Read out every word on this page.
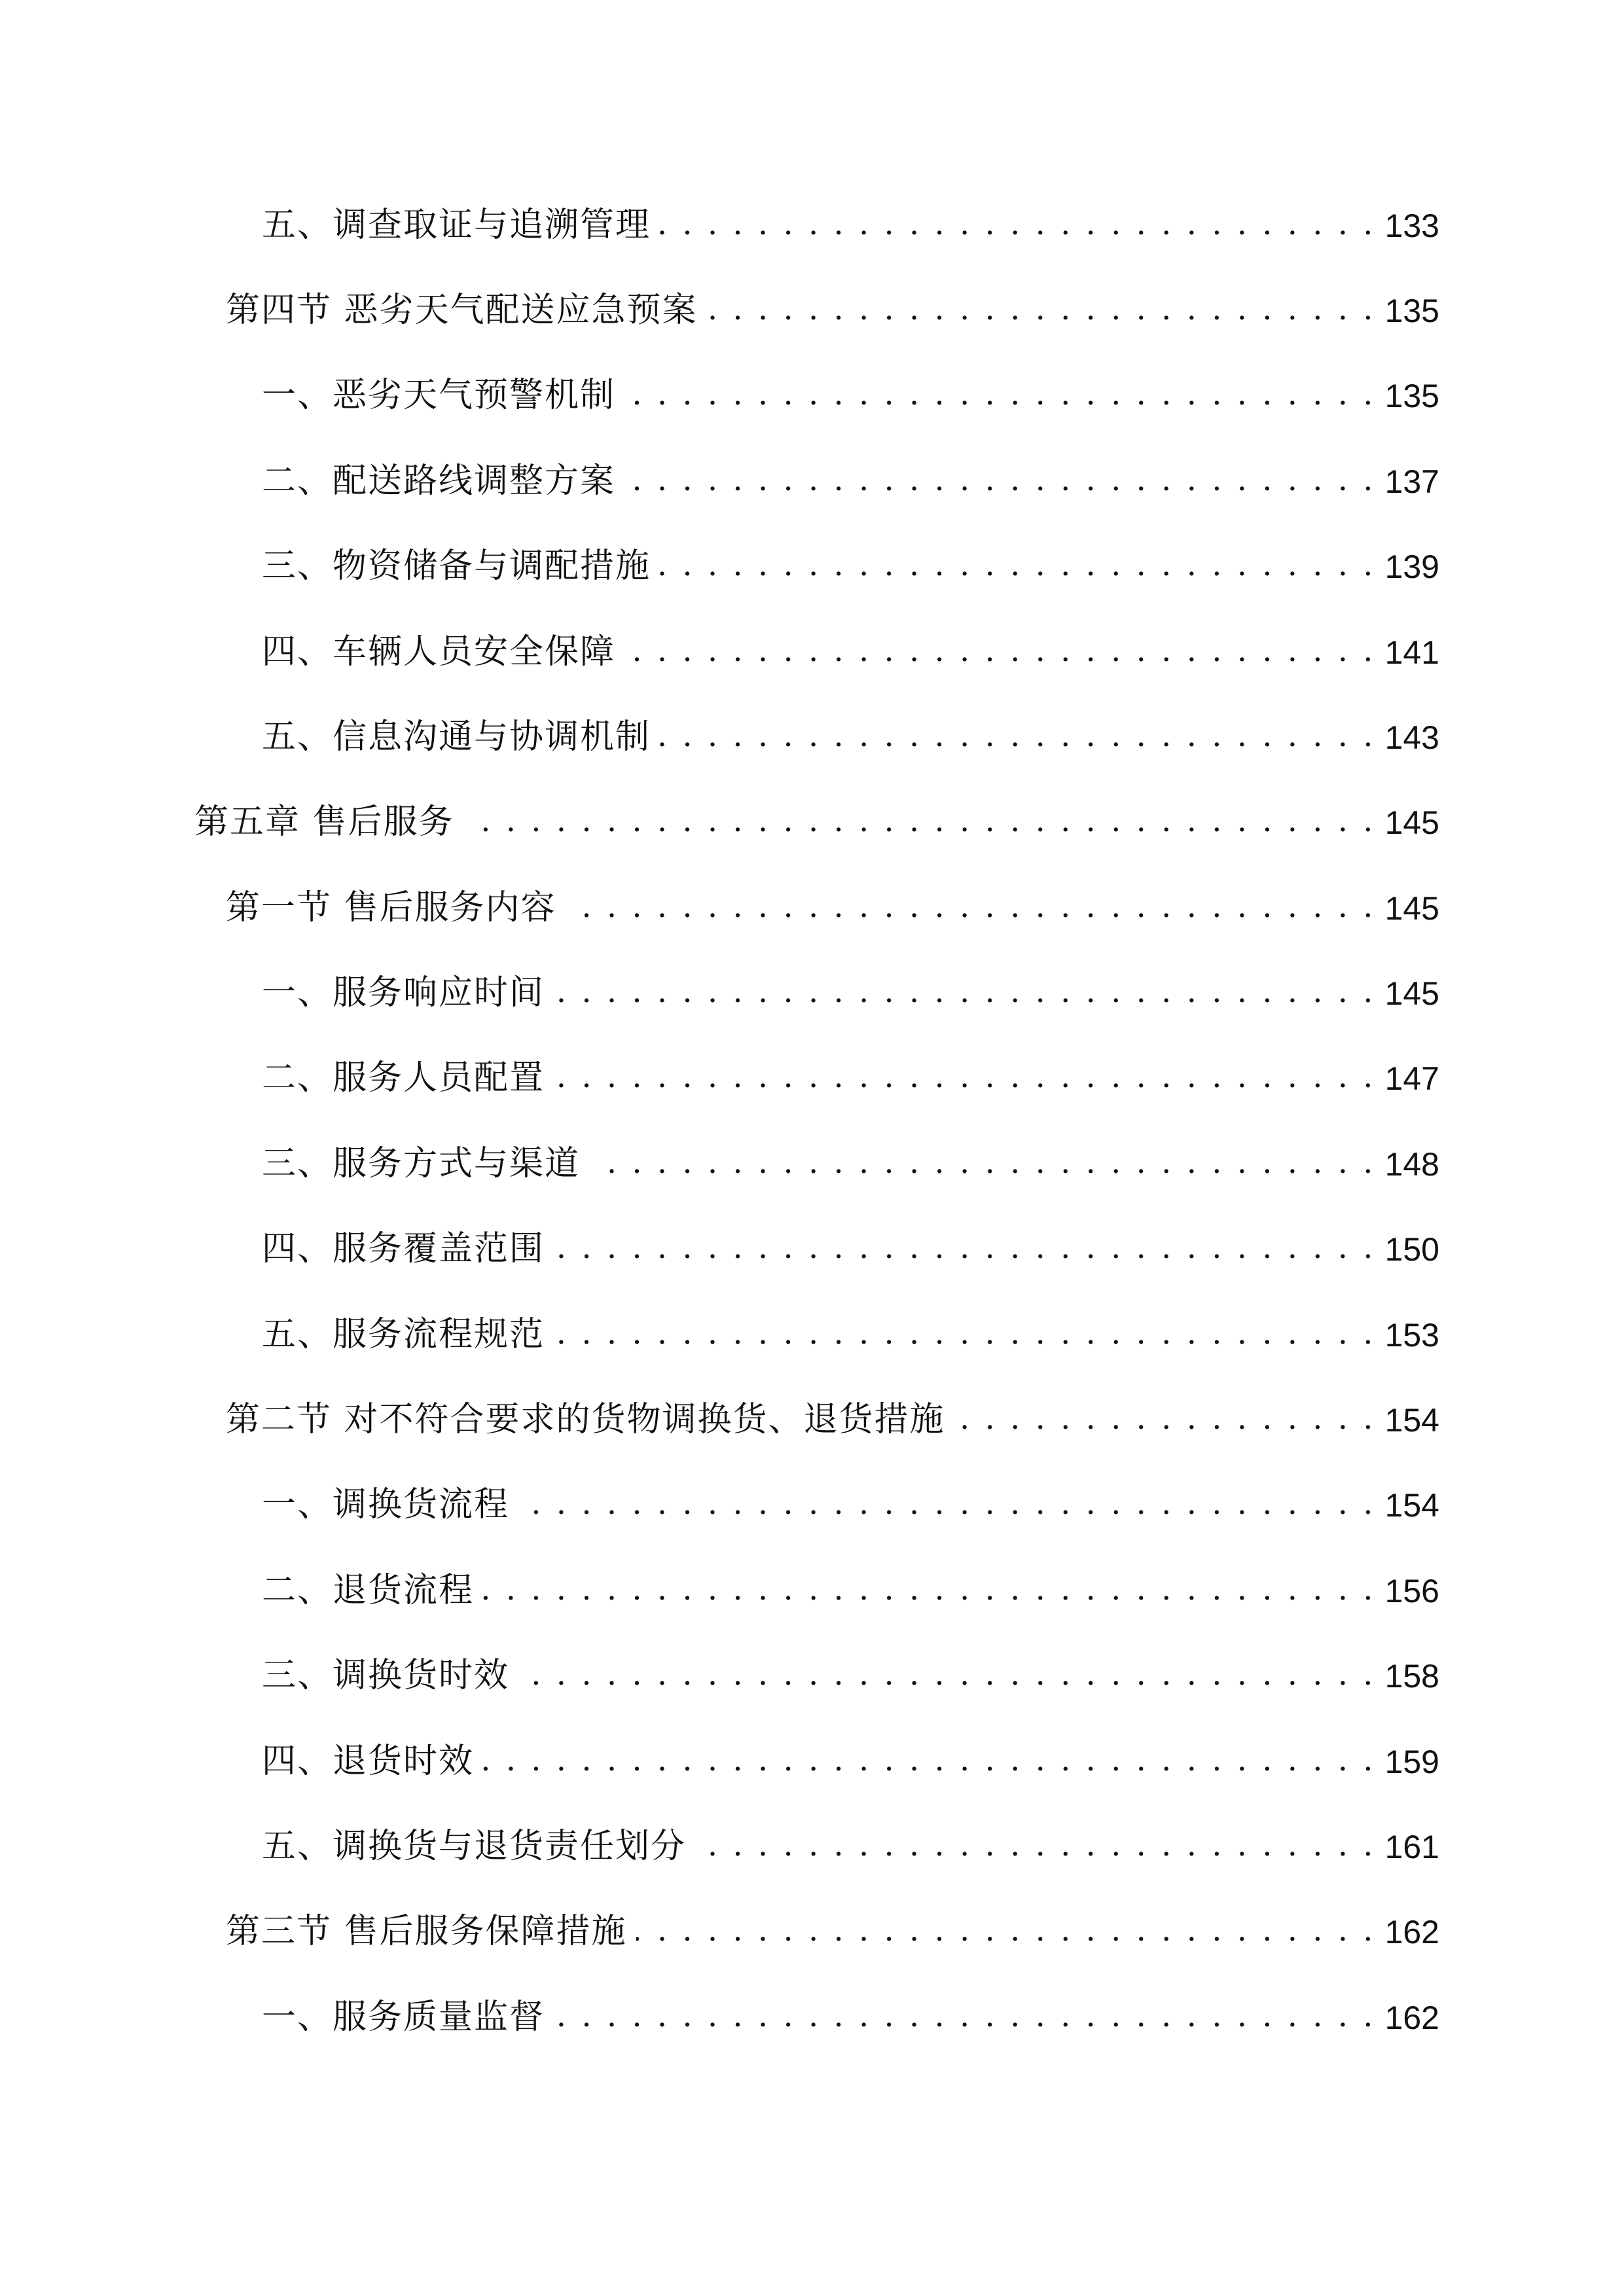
五、调查取证与追溯管理 . . .	133
第四节 恶劣天气配送应急预案 . . .	135
一、恶劣天气预警机制 . . .	135
二、配送路线调整方案 . . .	137
三、物资储备与调配措施 . . .	139
四、车辆人员安全保障 . . .	141
五、信息沟通与协调机制 . . .	143
第五章 售后服务 . . .	145
第一节 售后服务内容 . . .	145
一、服务响应时间 . . .	145
二、服务人员配置 . . .	147
三、服务方式与渠道 . . .	148
四、服务覆盖范围 . . .	150
五、服务流程规范 . . .	153
第二节 对不符合要求的货物调换货、退货措施 . . .	154
一、调换货流程 . . .	154
二、退货流程 . . .	156
三、调换货时效 . . .	158
四、退货时效 . . .	159
五、调换货与退货责任划分 . . .	161
第三节 售后服务保障措施 . . .	162
一、服务质量监督 . . .	162
